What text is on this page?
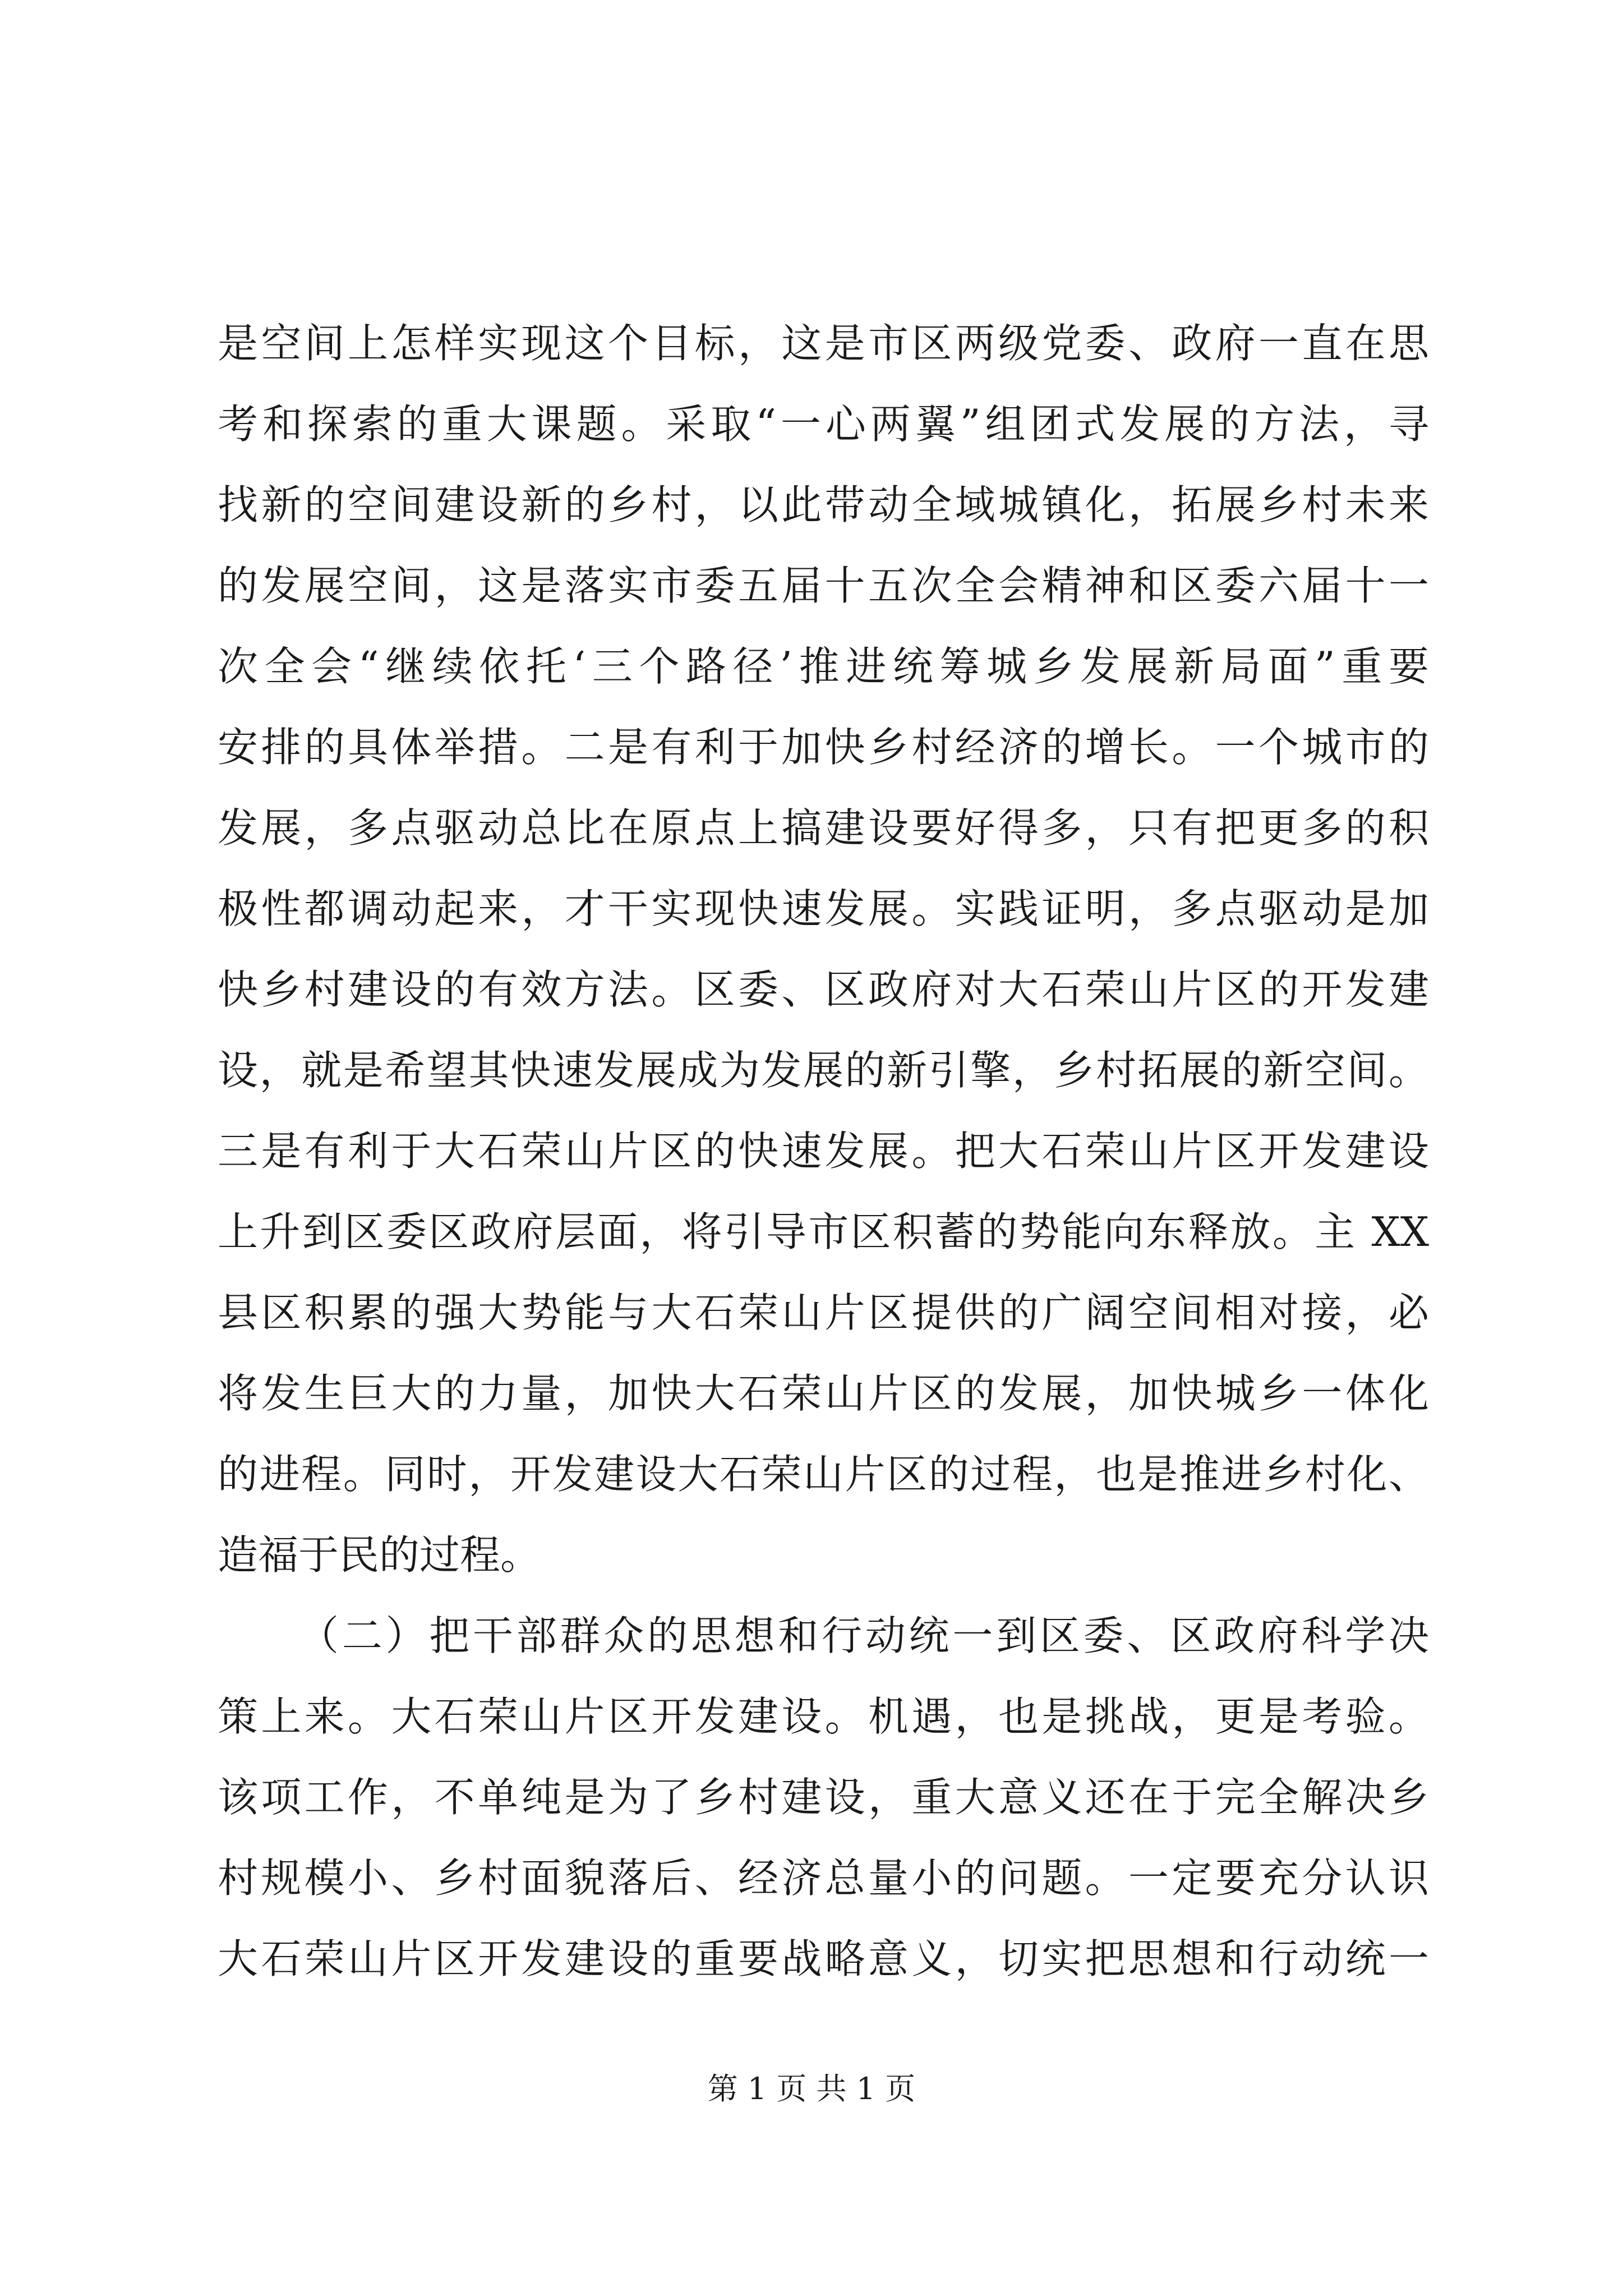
是空间上怎样实现这个目标，这是市区两级党委、政府一直在思
考和探索的重大课题。采取“一心两翼”组团式发展的方法，寻
找新的空间建设新的乡村，以此带动全域城镇化，拓展乡村未来
的发展空间，这是落实市委五届十五次全会精神和区委六届十一
次全会“继续依托‘三个路径’推进统筹城乡发展新局面”重要
安排的具体举措。二是有利于加快乡村经济的增长。一个城市的
发展，多点驱动总比在原点上搞建设要好得多，只有把更多的积
极性都调动起来，才干实现快速发展。实践证明，多点驱动是加
快乡村建设的有效方法。区委、区政府对大石荣山片区的开发建
设，就是希望其快速发展成为发展的新引擎，乡村拓展的新空间。
三是有利于大石荣山片区的快速发展。把大石荣山片区开发建设
上升到区委区政府层面，将引导市区积蓄的势能向东释放。主 XX
县区积累的强大势能与大石荣山片区提供的广阔空间相对接，必
将发生巨大的力量，加快大石荣山片区的发展，加快城乡一体化
的进程。同时，开发建设大石荣山片区的过程，也是推进乡村化、
造福于民的过程。
（二）把干部群众的思想和行动统一到区委、区政府科学决
策上来。大石荣山片区开发建设。机遇，也是挑战，更是考验。
该项工作，不单纯是为了乡村建设，重大意义还在于完全解决乡
村规模小、乡村面貌落后、经济总量小的问题。一定要充分认识
大石荣山片区开发建设的重要战略意义，切实把思想和行动统一
第 1 页 共 1 页
